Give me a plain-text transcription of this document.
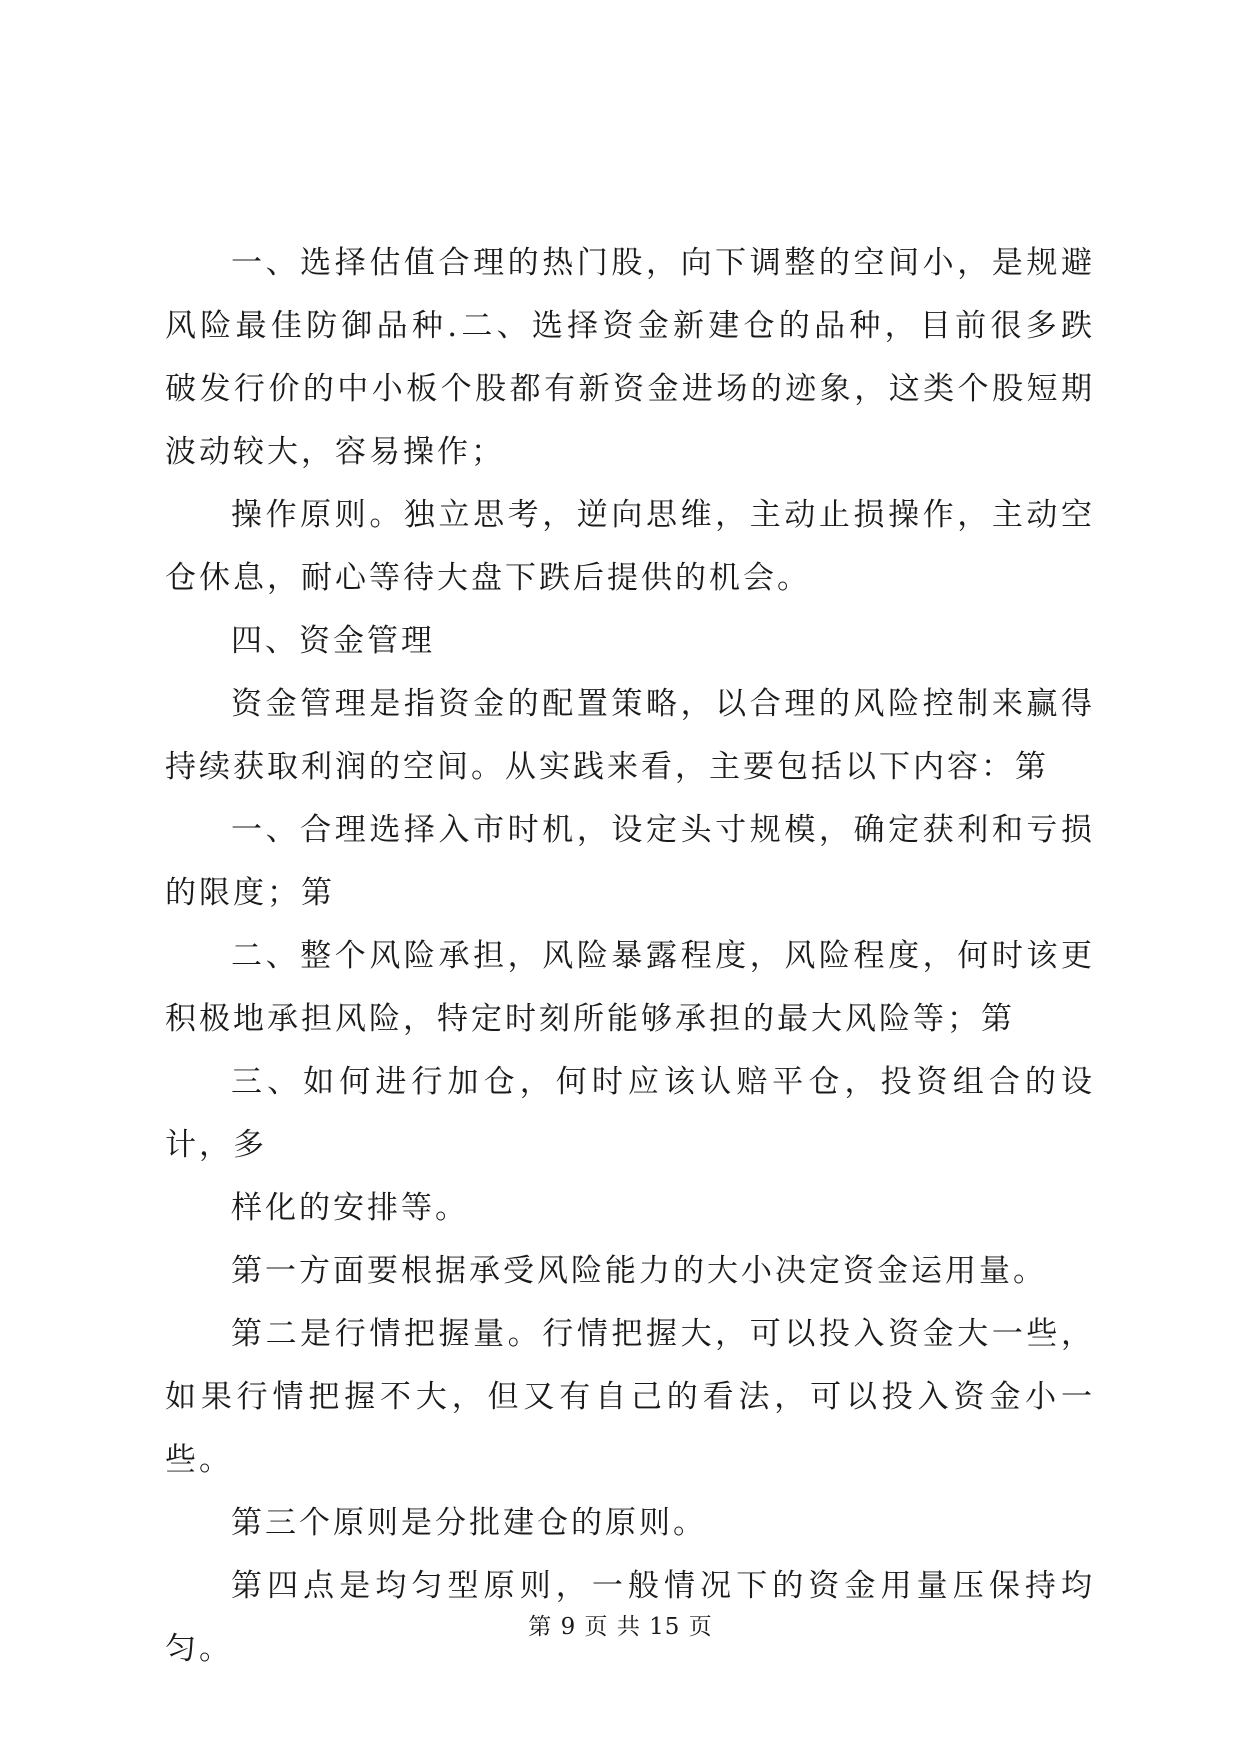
一、选择估值合理的热门股，向下调整的空间小，是规避风险最佳防御品种.二、选择资金新建仓的品种，目前很多跌破发行价的中小板个股都有新资金进场的迹象，这类个股短期波动较大，容易操作；

操作原则。独立思考，逆向思维，主动止损操作，主动空仓休息，耐心等待大盘下跌后提供的机会。

四、资金管理

资金管理是指资金的配置策略，以合理的风险控制来赢得持续获取利润的空间。从实践来看，主要包括以下内容：第

一、合理选择入市时机，设定头寸规模，确定获利和亏损的限度；第

二、整个风险承担，风险暴露程度，风险程度，何时该更积极地承担风险，特定时刻所能够承担的最大风险等；第

三、如何进行加仓，何时应该认赔平仓，投资组合的设计，多

样化的安排等。

第一方面要根据承受风险能力的大小决定资金运用量。

第二是行情把握量。行情把握大，可以投入资金大一些，如果行情把握不大，但又有自己的看法，可以投入资金小一些。

第三个原则是分批建仓的原则。

第四点是均匀型原则，一般情况下的资金用量压保持均匀。

第 9 页 共 15 页
